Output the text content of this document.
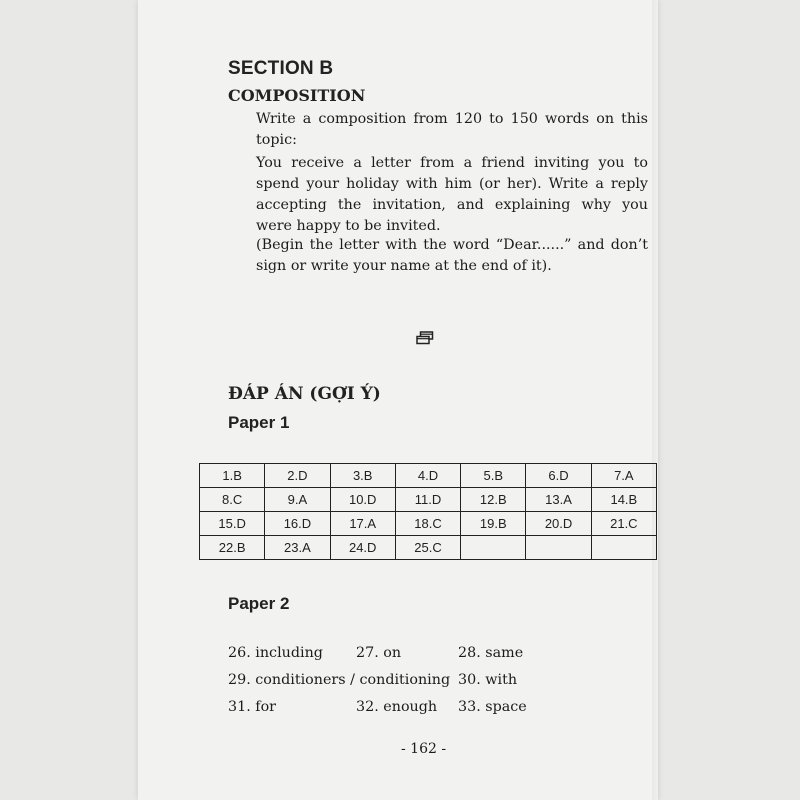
SECTION B
COMPOSITION
Write a composition from 120 to 150 words on this topic:
You receive a letter from a friend inviting you to spend your holiday with him (or her). Write a reply accepting the invitation, and explaining why you were happy to be invited.
(Begin the letter with the word “Dear......” and don’t sign or write your name at the end of it).
ĐÁP ÁN (GỢI Ý)
Paper 1
1.B	2.D	3.B	4.D	5.B	6.D	7.A
8.C	9.A	10.D	11.D	12.B	13.A	14.B
15.D	16.D	17.A	18.C	19.B	20.D	21.C
22.B	23.A	24.D	25.C			
Paper 2
26. including 27. on	28. same
29. conditioners / conditioning 30. with
31. for	32. enough 33. space
- 162 -
